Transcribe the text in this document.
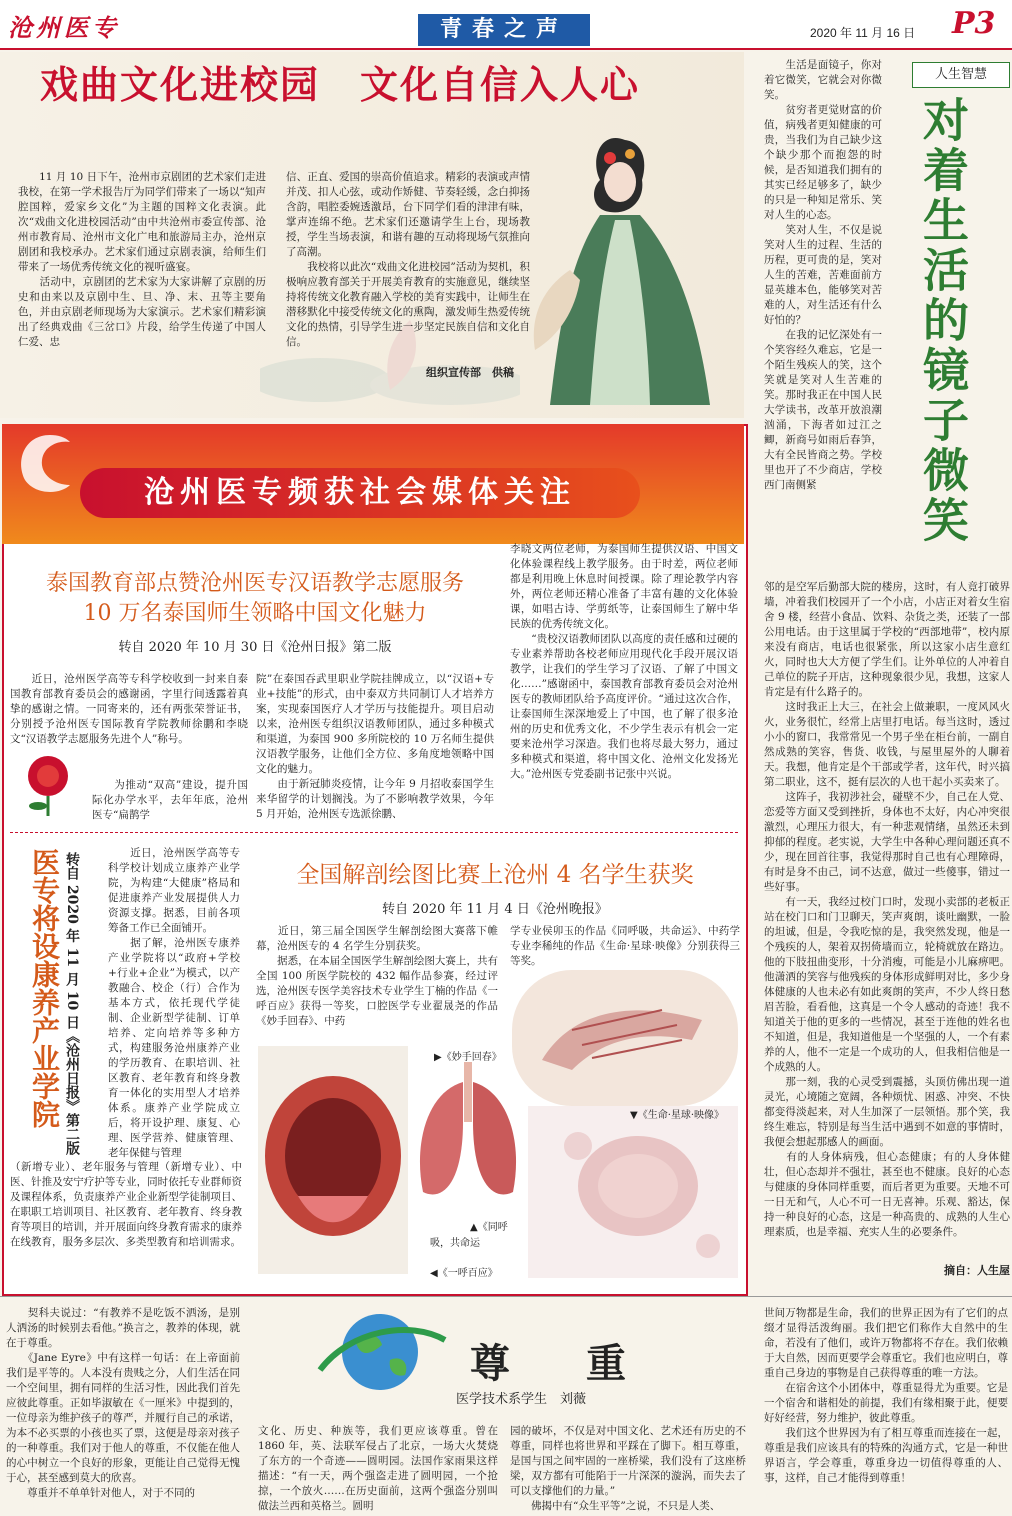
沧州医专	青春之声	2020 年 11 月 16 日 P3
戏曲文化进校园　文化自信入人心
　　11 月 10 日下午，沧州市京剧团的艺术家们走进我校，在第一学术报告厅为同学们带来了一场以“知声腔国粹，爱家乡文化”为主题的国粹文化表演。此次“戏曲文化进校园活动”由中共沧州市委宣传部、沧州市教育局、沧州市文化广电和旅游局主办，沧州京剧团和我校承办。艺术家们通过京剧表演，给师生们带来了一场优秀传统文化的视听盛宴。
　　活动中，京剧团的艺术家为大家讲解了京剧的历史和由来以及京剧中生、旦、净、末、丑等主要角色，并由京剧老师现场为大家演示。艺术家们精彩演出了经典戏曲《三岔口》片段，给学生传递了中国人仁爱、忠
信、正直、爱国的崇高价值追求。精彩的表演或声情并茂、扣人心弦，或动作矫健、节奏轻缓，念白抑扬含韵，唱腔委婉透激昂，台下同学们看的津津有味，掌声连绵不绝。艺术家们还邀请学生上台，现场教授，学生当场表演，和谐有趣的互动将现场气氛推向了高潮。
　　我校将以此次“戏曲文化进校园”活动为契机，积极响应教育部关于开展美育教育的实施意见，继续坚持将传统文化教育融入学校的美育实践中，让师生在潜移默化中接受传统文化的熏陶，激发师生热爱传统文化的热情，引导学生进一步坚定民族自信和文化自信。
组织宣传部　供稿
沧州医专频获社会媒体关注
泰国教育部点赞沧州医专汉语教学志愿服务
10 万名泰国师生领略中国文化魅力
转自 2020 年 10 月 30 日《沧州日报》第二版
　　近日，沧州医学高等专科学校收到一封来自泰国教育部教育委员会的感谢函，字里行间透露着真挚的感谢之情。一同寄来的，还有两张荣誉证书，分别授予沧州医专国际教育学院教师徐鹏和李晓文“汉语教学志愿服务先进个人”称号。
　　为推动“双高”建设，提升国际化办学水平，去年年底，沧州医专“扁鹊学
院”在泰国吞武里职业学院挂牌成立，以“汉语+专业+技能”的形式，由中泰双方共同制订人才培养方案，实现泰国医疗人才学历与技能提升。项目启动以来，沧州医专组织汉语教师团队，通过多种模式和渠道，为泰国 900 多所院校的 10 万名师生提供汉语教学服务，让他们全方位、多角度地领略中国文化的魅力。
　　由于新冠肺炎疫情，让今年 9 月招收泰国学生来华留学的计划搁浅。为了不影响教学效果，今年 5 月开始，沧州医专选派徐鹏、
李晓文两位老师，为泰国师生提供汉语、中国文化体验课程线上教学服务。由于时差，两位老师都是利用晚上休息时间授课。除了理论教学内容外，两位老师还精心准备了丰富有趣的文化体验课，如唱古诗、学剪纸等，让泰国师生了解中华民族的优秀传统文化。
　　“贵校汉语教师团队以高度的责任感和过硬的专业素养帮助各校老师应用现代化手段开展汉语教学，让我们的学生学习了汉语、了解了中国文化……”感谢函中，泰国教育部教育委员会对沧州医专的教师团队给予高度评价。“通过这次合作，让泰国师生深深地爱上了中国，也了解了很多沧州的历史和优秀文化，不少学生表示有机会一定要来沧州学习深造。我们也将尽最大努力，通过多种模式和渠道，将中国文化、沧州文化发扬光大。”沧州医专党委副书记张中兴说。
医专将设康养产业学院 转自 2020 年 11 月 10 日《沧州日报》第二版	　　近日，沧州医学高等专科学校计划成立康养产业学院，为构建“大健康”格局和促进康养产业发展提供人力资源支撑。据悉，目前各项筹备工作已全面铺开。
　　据了解，沧州医专康养产业学院将以“政府+学校+行业+企业”为模式，以产教融合、校企（行）合作为基本方式，依托现代学徒制、企业新型学徒制、订单培养、定向培养等多种方式，构建服务沧州康养产业的学历教育、在职培训、社区教育、老年教育和终身教育一体化的实用型人才培养体系。康养产业学院成立后，将开设护理、康复、心理、医学营养、健康管理、老年保健与管理
（新增专业）、老年服务与管理（新增专业）、中医、针推及安宁疗护等专业，同时依托专业群师资及课程体系，负责康养产业企业新型学徒制项目、在职职工培训项目、社区教育、老年教育、终身教育等项目的培训，并开展面向终身教育需求的康养在线教育，服务多层次、多类型教育和培训需求。
全国解剖绘图比赛上沧州 4 名学生获奖
转自 2020 年 11 月 4 日《沧州晚报》
　　近日，第三届全国医学生解剖绘图大赛落下帷幕，沧州医专的 4 名学生分别获奖。
　　据悉，在本届全国医学生解剖绘图大赛上，共有全国 100 所医学院校的 432 幅作品参赛，经过评选，沧州医专医学美容技术专业学生丁楠的作品《一呼百应》获得一等奖，口腔医学专业翟晟尧的作品《妙手回春》、中药
学专业侯卯玉的作品《同呼吸，共命运》、中药学专业李稀纯的作品《生命·星球·映像》分别获得三等奖。
▶《妙手回春》
▼《生命·星球·映像》
▲《同呼
吸，共命运
◀《一呼百应》
人生智慧
对着生活的镜子微笑
　　生活是面镜子，你对着它微笑，它就会对你微笑。
　　贫穷者更觉财富的价值，病残者更知健康的可贵，当我们为自己缺少这个缺少那个而抱怨的时候，是否知道我们拥有的其实已经足够多了，缺少的只是一种知足常乐、笑对人生的心态。
　　笑对人生，不仅是说笑对人生的过程、生活的历程，更可贵的是，笑对人生的苦难，苦难面前方显英雄本色，能够笑对苦难的人，对生活还有什么好怕的？
　　在我的记忆深处有一个笑容经久难忘，它是一个陌生残疾人的笑，这个笑就是笑对人生苦难的笑。那时我正在中国人民大学读书，改革开放浪潮汹涌，下海者如过江之鲫，新商号如雨后春笋，大有全民皆商之势。学校里也开了不少商店，学校西门南侧紧
邻的是空军后勤部大院的楼房，这时，有人竟打破界墙，冲着我们校园开了一个小店，小店正对着女生宿舍 9 楼，经营小食品、饮料、杂货之类，还装了一部公用电话。由于这里属于学校的“西部地带”，校内原来没有商店，电话也很紧张，所以这家小店生意红火，同时也大大方便了学生们。让外单位的人冲着自己单位的院子开店，这种现象很少见，我想，这家人肯定是有什么路子的。
　　这时我正上大三，在社会上做兼职，一度风风火火，业务很忙，经常上店里打电话。每当这时，透过小小的窗口，我常常见一个男子坐在柜台前，一副自然成熟的笑容，售货、收钱，与屋里屋外的人聊着天。我想，他肯定是个干部或学者，这年代，时兴搞第二职业，这不，挺有层次的人也干起小买卖来了。
　　这阵子，我初涉社会，碰壁不少，自己在人党、恋爱等方面又受到挫折，身体也不太好，内心冲突很激烈，心理压力很大，有一种悲观情绪，虽然还未到抑郁的程度。老实说，大学生中各种心理问题还真不少，现在回首往事，我觉得那时自己也有心理障碍，有时是身不由己，词不达意，做过一些傻事，错过一些好事。
　　有一天，我经过校门口时，发现小卖部的老板正站在校门口和门卫聊天，笑声爽朗，谈吐幽默，一脸的坦诚，但是，令我吃惊的是，我突然发现，他是一个残疾的人，架着双拐倚墙而立，轮椅就放在路边。他的下肢扭曲变形，十分消瘦，可能是小儿麻痹吧。他潇洒的笑容与他残疾的身体形成鲜明对比，多少身体健康的人也未必有如此爽朗的笑声，不少人终日愁眉苦脸，看看他，这真是一个令人感动的奇迹！我不知道关于他的更多的一些情况，甚至于连他的姓名也不知道，但是，我知道他是一个坚强的人，一个有素养的人，他不一定是一个成功的人，但我相信他是一个成熟的人。
　　那一刻，我的心灵受到震撼，头顶仿佛出现一道灵光，心境随之宽阔，各种烦忧、困惑、冲突、不快都变得淡起来，对人生加深了一层领悟。那个笑，我终生难忘，特别是每当生活中遇到不如意的事情时，我便会想起那感人的画面。
　　有的人身体病残，但心态健康；有的人身体健壮，但心态却并不强壮，甚至也不健康。良好的心态与健康的身体同样重要，而后者更为重要。天地不可一日无和气，人心不可一日无喜神。乐观、豁达，保持一种良好的心态，这是一种高贵的、成熟的人生心理素质，也是幸福、充实人生的必要条件。
摘自：人生屋
尊　重
医学技术系学生　刘薇
　　契科夫说过：“有教养不是吃饭不洒汤，是别人洒汤的时候别去看他。”换言之，教养的体现，就在于尊重。
　　《Jane Eyre》中有这样一句话：在上帝面前我们是平等的。人本没有贵贱之分，人们生活在同一个空间里，拥有同样的生活习性，因此我们首先应彼此尊重。正如毕淑敏在《一厘米》中提到的，一位母亲为维护孩子的尊严，并履行自己的承诺，为本不必买票的小孩也买了票，这便是母亲对孩子的一种尊重。我们对于他人的尊重，不仅能在他人的心中树立一个良好的形象，更能让自己觉得无愧于心，甚至感到莫大的欣喜。
　　尊重并不单单针对他人，对于不同的
文化、历史、种族等，我们更应该尊重。曾在 1860 年，英、法联军侵占了北京，一场大火焚烧了东方的一个奇迹——圆明园。法国作家雨果这样描述：“有一天，两个强盗走进了圆明园，一个抢掠，一个放火……在历史面前，这两个强盗分别叫做法兰西和英格兰。圆明
园的破坏，不仅是对中国文化、艺术还有历史的不尊重，同样也将世界和平踩在了脚下。相互尊重，是国与国之间牢固的一座桥梁，我们没有了这座桥梁，双方都有可能陷于一片深深的漩涡，而失去了可以支撑他们的力量。”
　　佛揭中有“众生平等”之说，不只是人类、
世间万物都是生命，我们的世界正因为有了它们的点缀才显得活泼绚丽。我们把它们称作大自然中的生命，若没有了他们，或许万物都将不存在。我们依赖于大自然，因而更要学会尊重它。我们也应明白，尊重自己身边的事物是自己获得尊重的唯一方法。
　　在宿舍这个小团体中，尊重显得尤为重要。它是一个宿舍和谐相处的前提，我们有缘相聚于此，便要好好经营，努力维护，彼此尊重。
　　我们这个世界因为有了相互尊重而连接在一起，尊重是我们应该具有的特殊的沟通方式，它是一种世界语言，学会尊重，尊重身边一切值得尊重的人、事，这样，自己才能得到尊重！
